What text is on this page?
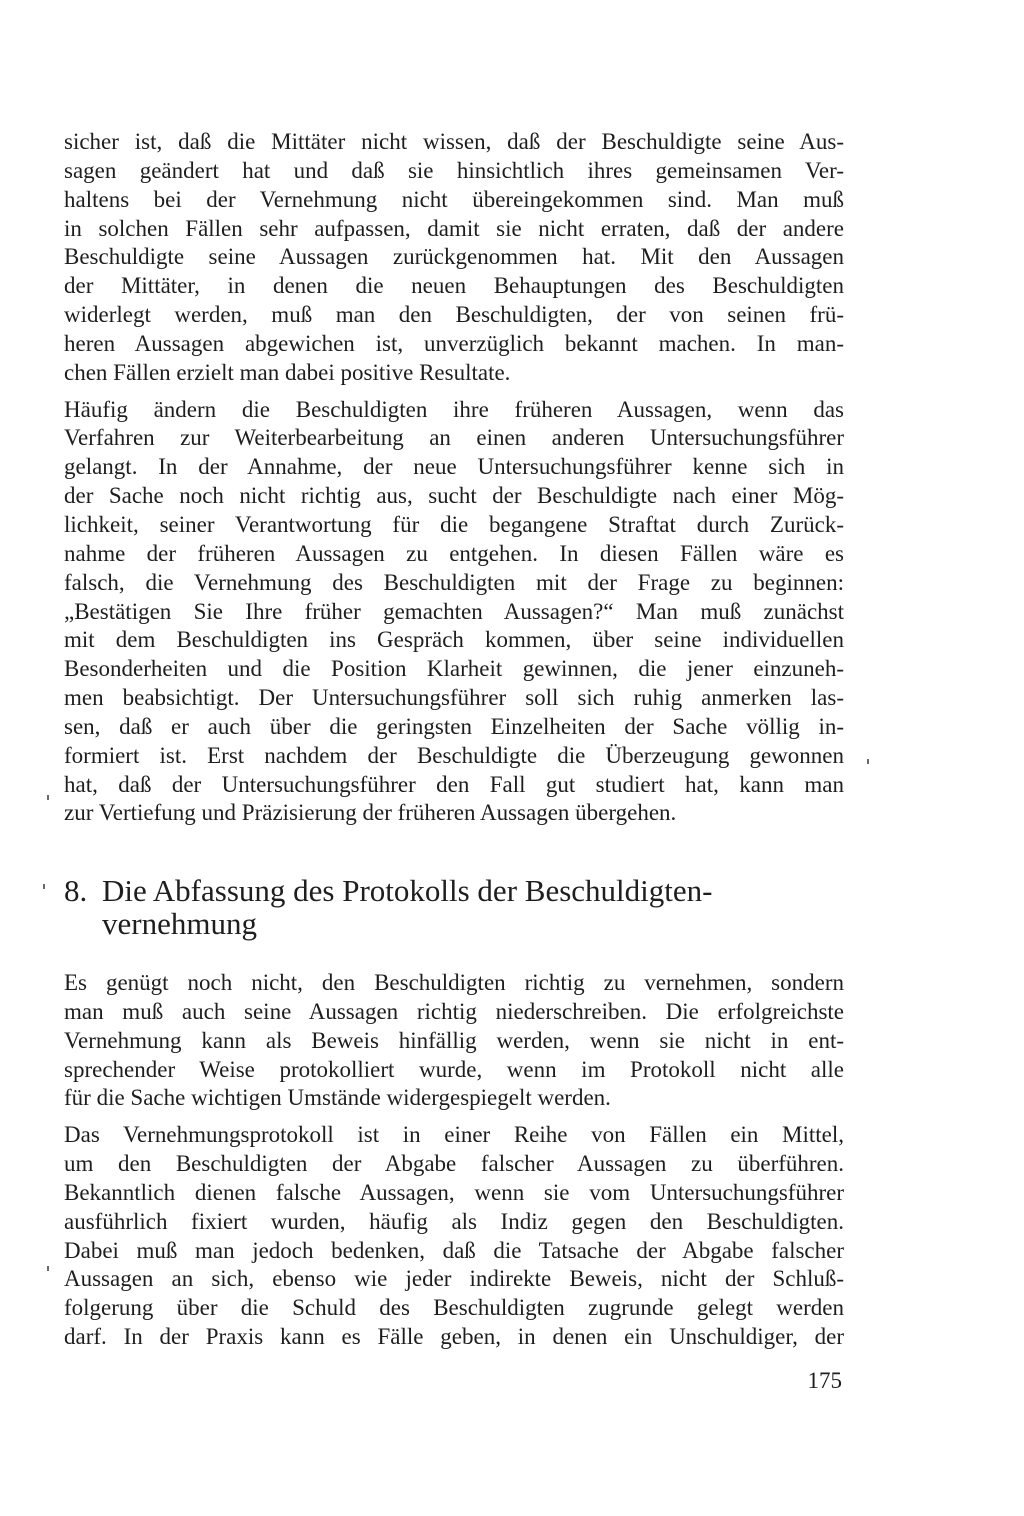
sicher ist, daß die Mittäter nicht wissen, daß der Beschuldigte seine Aus-
sagen geändert hat und daß sie hinsichtlich ihres gemeinsamen Ver-
haltens bei der Vernehmung nicht übereingekommen sind. Man muß
in solchen Fällen sehr aufpassen, damit sie nicht erraten, daß der andere
Beschuldigte seine Aussagen zurückgenommen hat. Mit den Aussagen
der Mittäter, in denen die neuen Behauptungen des Beschuldigten
widerlegt werden, muß man den Beschuldigten, der von seinen frü-
heren Aussagen abgewichen ist, unverzüglich bekannt machen. In man-
chen Fällen erzielt man dabei positive Resultate.

Häufig ändern die Beschuldigten ihre früheren Aussagen, wenn das
Verfahren zur Weiterbearbeitung an einen anderen Untersuchungsführer
gelangt. In der Annahme, der neue Untersuchungsführer kenne sich in
der Sache noch nicht richtig aus, sucht der Beschuldigte nach einer Mög-
lichkeit, seiner Verantwortung für die begangene Straftat durch Zurück-
nahme der früheren Aussagen zu entgehen. In diesen Fällen wäre es
falsch, die Vernehmung des Beschuldigten mit der Frage zu beginnen:
„Bestätigen Sie Ihre früher gemachten Aussagen?“ Man muß zunächst
mit dem Beschuldigten ins Gespräch kommen, über seine individuellen
Besonderheiten und die Position Klarheit gewinnen, die jener einzuneh-
men beabsichtigt. Der Untersuchungsführer soll sich ruhig anmerken las-
sen, daß er auch über die geringsten Einzelheiten der Sache völlig in-
formiert ist. Erst nachdem der Beschuldigte die Überzeugung gewonnen
hat, daß der Untersuchungsführer den Fall gut studiert hat, kann man
zur Vertiefung und Präzisierung der früheren Aussagen übergehen.

8. Die Abfassung des Protokolls der Beschuldigten-
vernehmung

Es genügt noch nicht, den Beschuldigten richtig zu vernehmen, sondern
man muß auch seine Aussagen richtig niederschreiben. Die erfolgreichste
Vernehmung kann als Beweis hinfällig werden, wenn sie nicht in ent-
sprechender Weise protokolliert wurde, wenn im Protokoll nicht alle
für die Sache wichtigen Umstände widergespiegelt werden.

Das Vernehmungsprotokoll ist in einer Reihe von Fällen ein Mittel,
um den Beschuldigten der Abgabe falscher Aussagen zu überführen.
Bekanntlich dienen falsche Aussagen, wenn sie vom Untersuchungsführer
ausführlich fixiert wurden, häufig als Indiz gegen den Beschuldigten.
Dabei muß man jedoch bedenken, daß die Tatsache der Abgabe falscher
Aussagen an sich, ebenso wie jeder indirekte Beweis, nicht der Schluß-
folgerung über die Schuld des Beschuldigten zugrunde gelegt werden
darf. In der Praxis kann es Fälle geben, in denen ein Unschuldiger, der

175
